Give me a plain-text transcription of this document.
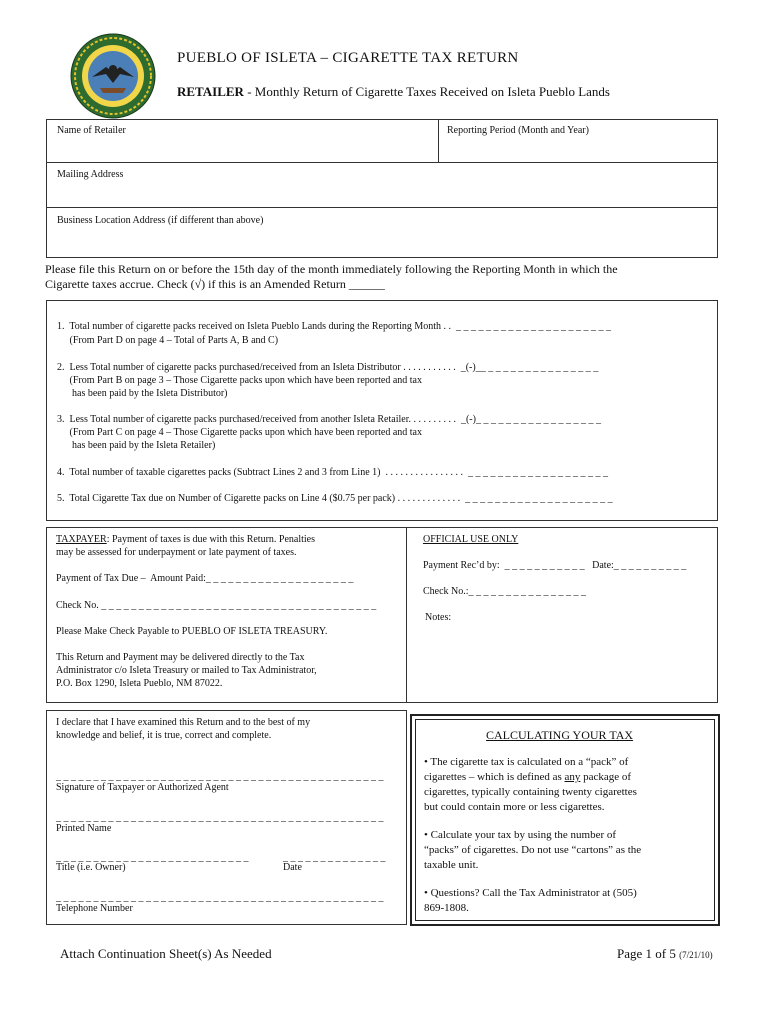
PUEBLO OF ISLETA – CIGARETTE TAX RETURN
RETAILER - Monthly Return of Cigarette Taxes Received on Isleta Pueblo Lands
Name of Retailer	Reporting Period (Month and Year)
Mailing Address
Business Location Address (if different than above)
Please file this Return on or before the 15th day of the month immediately following the Reporting Month in which the
Cigarette taxes accrue. Check (√) if this is an Amended Return ______
1.  Total number of cigarette packs received on Isleta Pueblo Lands during the Reporting Month . .  _ _ _ _ _ _ _ _ _ _ _ _ _ _ _ _ _ _ _ _ _
(From Part D on page 4 – Total of Parts A, B and C)
2.  Less Total number of cigarette packs purchased/received from an Isleta Distributor . . . . . . . . . . .  _(-)__ _ _ _ _ _ _ _ _ _ _ _ _ _ _ _
(From Part B on page 3 – Those Cigarette packs upon which have been reported and tax
has been paid by the Isleta Distributor)
3.  Less Total number of cigarette packs purchased/received from another Isleta Retailer. . . . . . . . . .  _(-)_ _ _ _ _ _ _ _ _ _ _ _ _ _ _ _ _
(From Part C on page 4 – Those Cigarette packs upon which have been reported and tax
has been paid by the Isleta Retailer)
4.  Total number of taxable cigarettes packs (Subtract Lines 2 and 3 from Line 1)  . . . . . . . . . . . . . . . .  _ _ _ _ _ _ _ _ _ _ _ _ _ _ _ _ _ _ _
5.  Total Cigarette Tax due on Number of Cigarette packs on Line 4 ($0.75 per pack) . . . . . . . . . . . . .  _ _ _ _ _ _ _ _ _ _ _ _ _ _ _ _ _ _ _ _
TAXPAYER: Payment of taxes is due with this Return. Penalties
may be assessed for underpayment or late payment of taxes.
Payment of Tax Due –  Amount Paid:_ _ _ _ _ _ _ _ _ _ _ _ _ _ _ _ _ _ _ _
Check No. _ _ _ _ _ _ _ _ _ _ _ _ _ _ _ _ _ _ _ _ _ _ _ _ _ _ _ _ _ _ _ _ _ _ _ _ _
Please Make Check Payable to PUEBLO OF ISLETA TREASURY.
This Return and Payment may be delivered directly to the Tax
Administrator c/o Isleta Treasury or mailed to Tax Administrator,
P.O. Box 1290, Isleta Pueblo, NM 87022.
OFFICIAL USE ONLY
Payment Rec’d by:  _ _ _ _ _ _ _ _ _ _ _   Date:_ _ _ _ _ _ _ _ _ _
Check No.:_ _ _ _ _ _ _ _ _ _ _ _ _ _ _ _
Notes:
I declare that I have examined this Return and to the best of my
knowledge and belief, it is true, correct and complete.
_ _ _ _ _ _ _ _ _ _ _ _ _ _ _ _ _ _ _ _ _ _ _ _ _ _ _ _ _ _ _ _ _ _ _ _ _ _ _ _ _ _ _ _
Signature of Taxpayer or Authorized Agent
_ _ _ _ _ _ _ _ _ _ _ _ _ _ _ _ _ _ _ _ _ _ _ _ _ _ _ _ _ _ _ _ _ _ _ _ _ _ _ _ _ _ _ _
Printed Name
_ _ _ _ _ _ _ _ _ _ _ _ _ _ _ _ _ _ _ _ _ _ _ _ _ _	_ _ _ _ _ _ _ _ _ _ _ _ _ _
Title (i.e. Owner)	Date
_ _ _ _ _ _ _ _ _ _ _ _ _ _ _ _ _ _ _ _ _ _ _ _ _ _ _ _ _ _ _ _ _ _ _ _ _ _ _ _ _ _ _ _
Telephone Number
CALCULATING YOUR TAX
• The cigarette tax is calculated on a “pack” of
cigarettes – which is defined as any package of
cigarettes, typically containing twenty cigarettes
but could contain more or less cigarettes.
• Calculate your tax by using the number of
“packs” of cigarettes. Do not use “cartons” as the
taxable unit.
• Questions? Call the Tax Administrator at (505)
869-1808.
Attach Continuation Sheet(s) As Needed	Page 1 of 5 (7/21/10)
